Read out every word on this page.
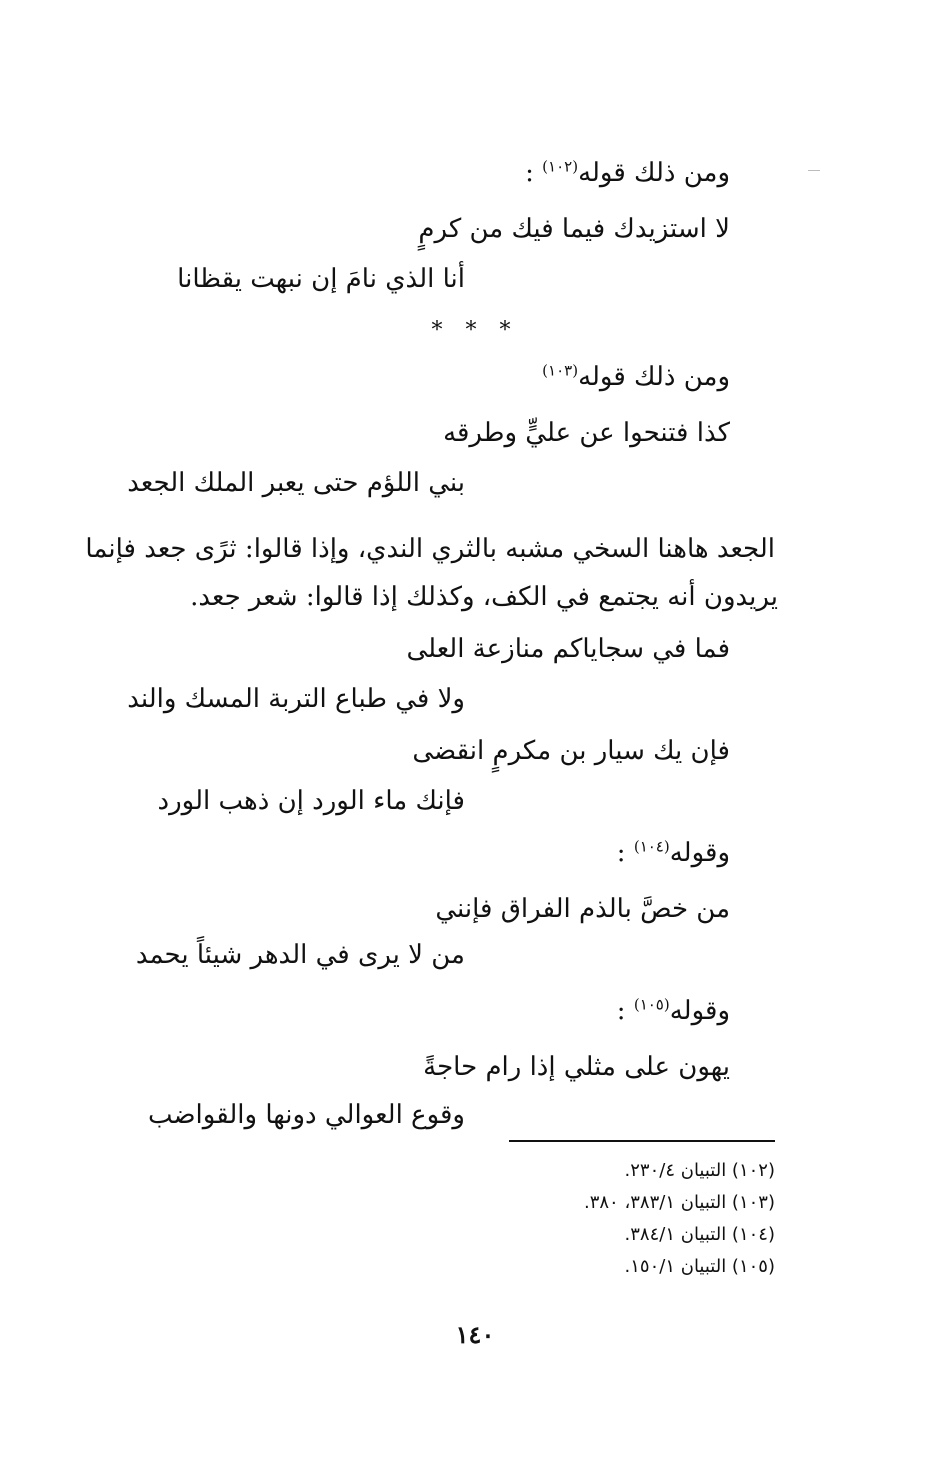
ومن ذلك قوله$^{(١٠٢)}$ :
لا استزيدك فيما فيك من كرمٍ
أنا الذي نامَ إن نبهت يقظانا
* * *
ومن ذلك قوله$^{(١٠٣)}$
كذا فتنحوا عن عليٍّ وطرقه
بني اللؤم حتى يعبر الملك الجعد
الجعد هاهنا السخي مشبه بالثري الندي، وإذا قالوا: ثرًى جعد فإنما
يريدون أنه يجتمع في الكف، وكذلك إذا قالوا: شعر جعد.
فما في سجاياكم منازعة العلى
ولا في طباع التربة المسك والند
فإن يك سيار بن مكرمٍ انقضى
فإنك ماء الورد إن ذهب الورد
وقوله$^{(١٠٤)}$ :
من خصَّ بالذم الفراق فإنني
من لا يرى في الدهر شيئاً يحمد
وقوله$^{(١٠٥)}$ :
يهون على مثلي إذا رام حاجةً
وقوع العوالي دونها والقواضب
(١٠٢) التبيان ٢٣٠/٤.
(١٠٣) التبيان ٣٨٣/١، ٣٨٠.
(١٠٤) التبيان ٣٨٤/١.
(١٠٥) التبيان ١٥٠/١.
١٤٠
